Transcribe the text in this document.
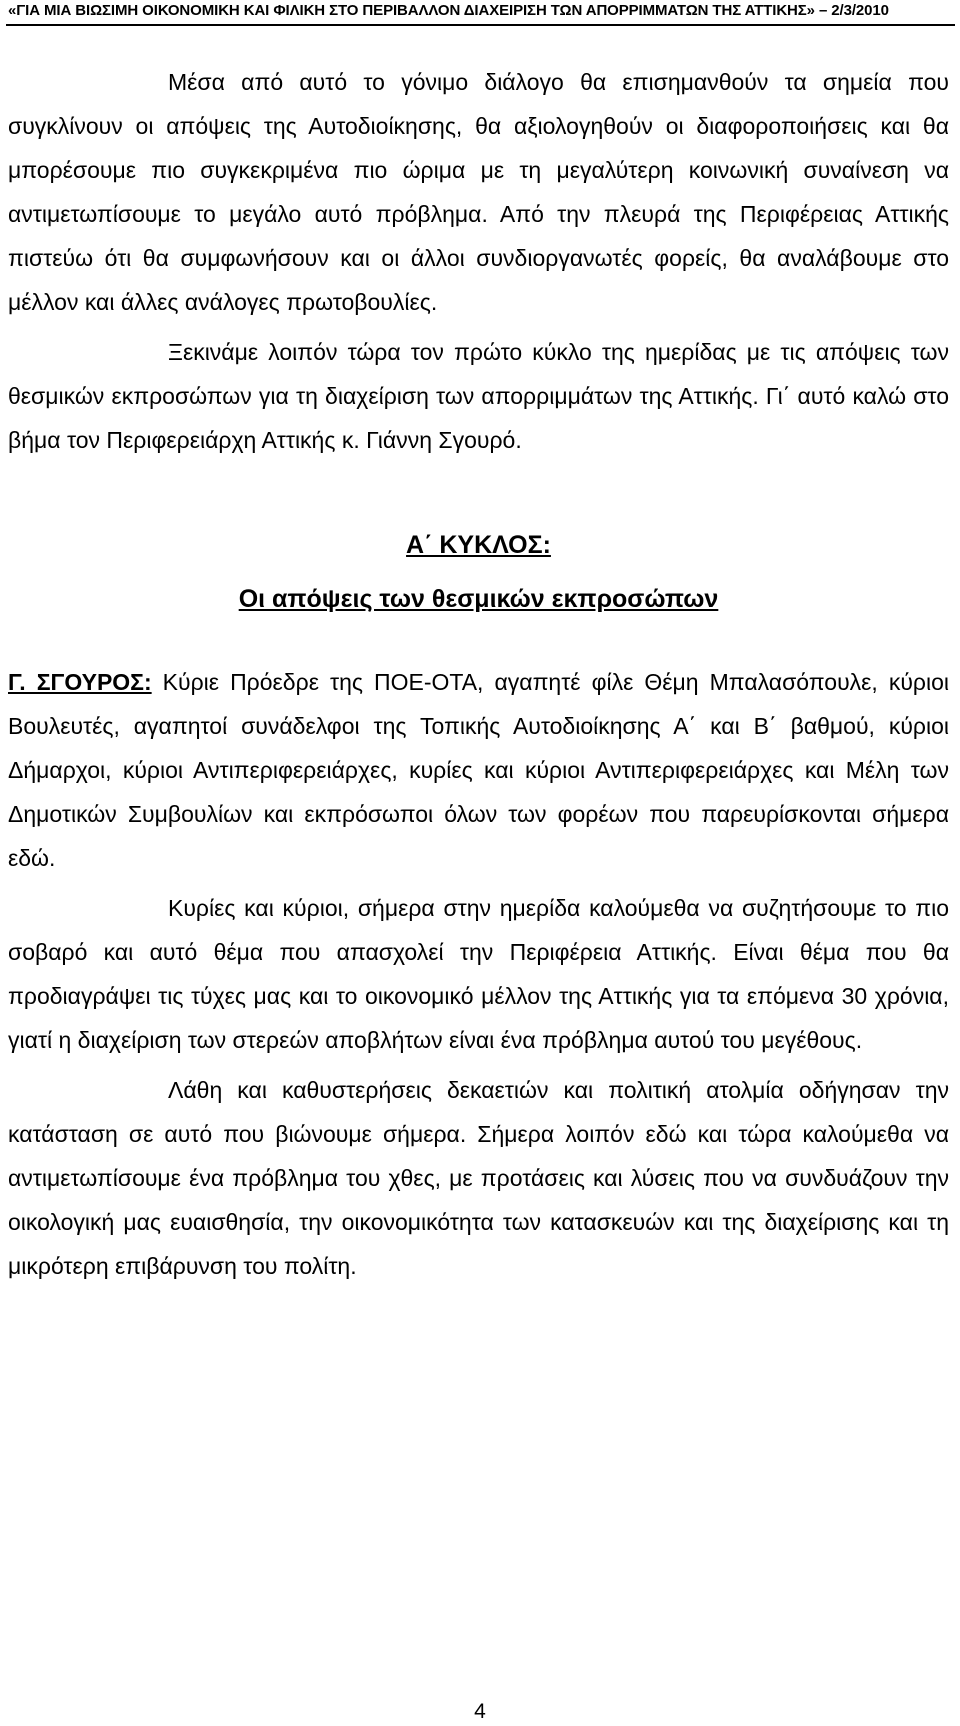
«ΓΙΑ ΜΙΑ ΒΙΩΣΙΜΗ ΟΙΚΟΝΟΜΙΚΗ ΚΑΙ ΦΙΛΙΚΗ ΣΤΟ ΠΕΡΙΒΑΛΛΟΝ ΔΙΑΧΕΙΡΙΣΗ ΤΩΝ ΑΠΟΡΡΙΜΜΑΤΩΝ ΤΗΣ ΑΤΤΙΚΗΣ» – 2/3/2010

Μέσα από αυτό το γόνιμο διάλογο θα επισημανθούν τα σημεία που συγκλίνουν οι απόψεις της Αυτοδιοίκησης, θα αξιολογηθούν οι διαφοροποιήσεις και θα μπορέσουμε πιο συγκεκριμένα πιο ώριμα με τη μεγαλύτερη κοινωνική συναίνεση να αντιμετωπίσουμε το μεγάλο αυτό πρόβλημα. Από την πλευρά της Περιφέρειας Αττικής πιστεύω ότι θα συμφωνήσουν και οι άλλοι συνδιοργανωτές φορείς, θα αναλάβουμε στο μέλλον και άλλες ανάλογες πρωτοβουλίες.

Ξεκινάμε λοιπόν τώρα τον πρώτο κύκλο της ημερίδας με τις απόψεις των θεσμικών εκπροσώπων για τη διαχείριση των απορριμμάτων της Αττικής. Γι΄ αυτό καλώ στο βήμα τον Περιφερειάρχη Αττικής κ. Γιάννη Σγουρό.

Α΄ ΚΥΚΛΟΣ:

Οι απόψεις των θεσμικών εκπροσώπων

Γ. ΣΓΟΥΡΟΣ: Κύριε Πρόεδρε της ΠΟΕ-ΟΤΑ, αγαπητέ φίλε Θέμη Μπαλασόπουλε, κύριοι Βουλευτές, αγαπητοί συνάδελφοι της Τοπικής Αυτοδιοίκησης Α΄ και Β΄ βαθμού, κύριοι Δήμαρχοι, κύριοι Αντιπεριφερειάρχες, κυρίες και κύριοι Αντιπεριφερειάρχες και Μέλη των Δημοτικών Συμβουλίων και εκπρόσωποι όλων των φορέων που παρευρίσκονται σήμερα εδώ.

Κυρίες και κύριοι, σήμερα στην ημερίδα καλούμεθα να συζητήσουμε το πιο σοβαρό και αυτό θέμα που απασχολεί την Περιφέρεια Αττικής. Είναι θέμα που θα προδιαγράψει τις τύχες μας και το οικονομικό μέλλον της Αττικής για τα επόμενα 30 χρόνια, γιατί η διαχείριση των στερεών αποβλήτων είναι ένα πρόβλημα αυτού του μεγέθους.

Λάθη και καθυστερήσεις δεκαετιών και πολιτική ατολμία οδήγησαν την κατάσταση σε αυτό που βιώνουμε σήμερα. Σήμερα λοιπόν εδώ και τώρα καλούμεθα να αντιμετωπίσουμε ένα πρόβλημα του χθες, με προτάσεις και λύσεις που να συνδυάζουν την οικολογική μας ευαισθησία, την οικονομικότητα των κατασκευών και της διαχείρισης και τη μικρότερη επιβάρυνση του πολίτη.

4
